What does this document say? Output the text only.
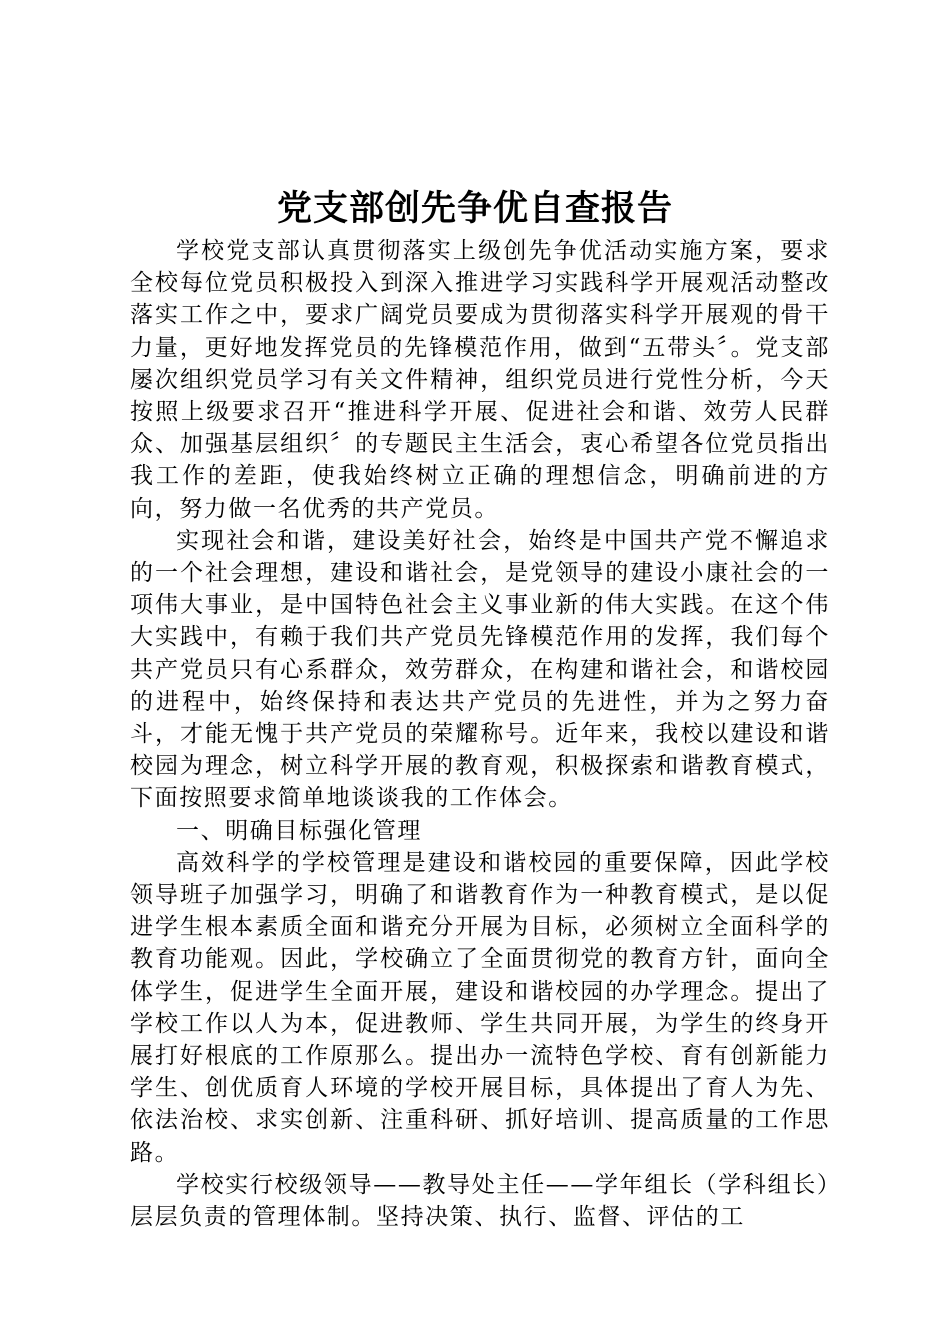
党支部创先争优自查报告

学校党支部认真贯彻落实上级创先争优活动实施方案，要求全校每位党员积极投入到深入推进学习实践科学开展观活动整改落实工作之中，要求广阔党员要成为贯彻落实科学开展观的骨干力量，更好地发挥党员的先锋模范作用，做到“五带头〞。党支部屡次组织党员学习有关文件精神，组织党员进行党性分析，今天按照上级要求召开“推进科学开展、促进社会和谐、效劳人民群众、加强基层组织〞的专题民主生活会，衷心希望各位党员指出我工作的差距，使我始终树立正确的理想信念，明确前进的方向，努力做一名优秀的共产党员。

实现社会和谐，建设美好社会，始终是中国共产党不懈追求的一个社会理想，建设和谐社会，是党领导的建设小康社会的一项伟大事业，是中国特色社会主义事业新的伟大实践。在这个伟大实践中，有赖于我们共产党员先锋模范作用的发挥，我们每个共产党员只有心系群众，效劳群众，在构建和谐社会，和谐校园的进程中，始终保持和表达共产党员的先进性，并为之努力奋斗，才能无愧于共产党员的荣耀称号。近年来，我校以建设和谐校园为理念，树立科学开展的教育观，积极探索和谐教育模式，下面按照要求简单地谈谈我的工作体会。

一、明确目标强化管理

高效科学的学校管理是建设和谐校园的重要保障，因此学校领导班子加强学习，明确了和谐教育作为一种教育模式，是以促进学生根本素质全面和谐充分开展为目标，必须树立全面科学的教育功能观。因此，学校确立了全面贯彻党的教育方针，面向全体学生，促进学生全面开展，建设和谐校园的办学理念。提出了学校工作以人为本，促进教师、学生共同开展，为学生的终身开展打好根底的工作原那么。提出办一流特色学校、育有创新能力学生、创优质育人环境的学校开展目标，具体提出了育人为先、依法治校、求实创新、注重科研、抓好培训、提高质量的工作思路。

学校实行校级领导——教导处主任——学年组长（学科组长）层层负责的管理体制。坚持决策、执行、监督、评估的工
